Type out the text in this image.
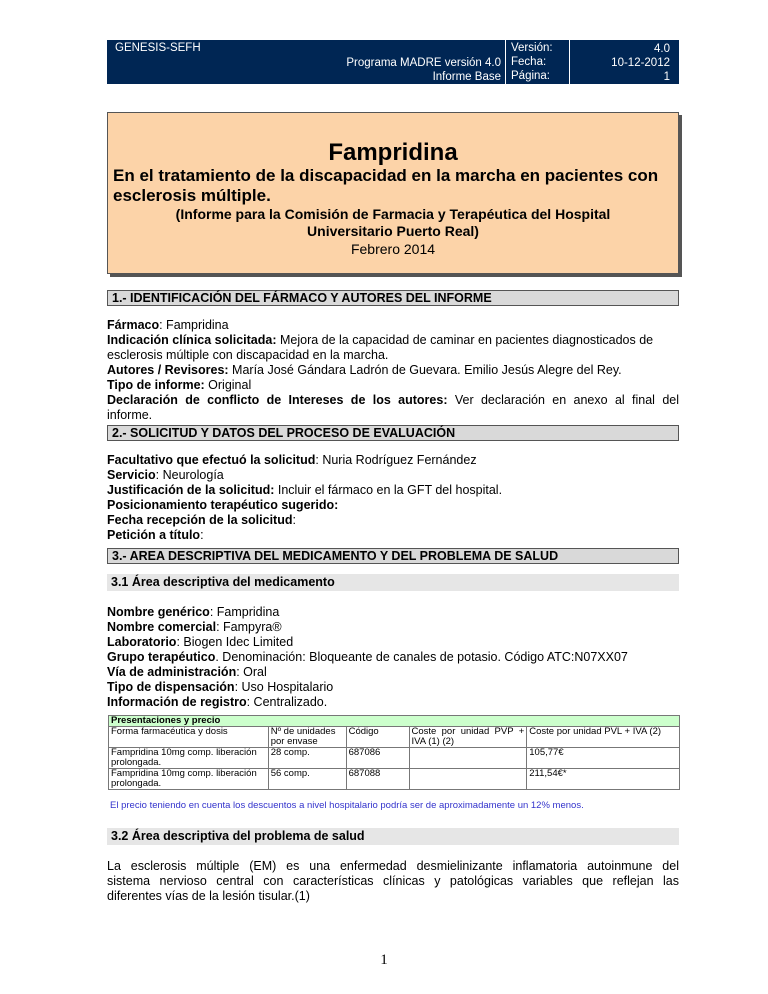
GENESIS-SEFH
Programa MADRE versión 4.0
Informe Base
Versión:
Fecha:
Página:
4.0
10-12-2012
1
Fampridina
En el tratamiento de la discapacidad en la marcha en pacientes con esclerosis múltiple.
(Informe para la Comisión de Farmacia y Terapéutica del Hospital
Universitario Puerto Real)
Febrero 2014
1.- IDENTIFICACIÓN DEL FÁRMACO Y AUTORES DEL INFORME
Fármaco: Fampridina
Indicación clínica solicitada: Mejora de la capacidad de caminar en pacientes diagnosticados de
esclerosis múltiple con discapacidad en la marcha.
Autores / Revisores: María José Gándara Ladrón de Guevara. Emilio Jesús Alegre del Rey.
Tipo de informe: Original
Declaración de conflicto de Intereses de los autores: Ver declaración en anexo al final del
informe.
2.- SOLICITUD Y DATOS DEL PROCESO DE EVALUACIÓN
Facultativo que efectuó la solicitud: Nuria Rodríguez Fernández
Servicio: Neurología
Justificación de la solicitud: Incluir el fármaco en la GFT del hospital.
Posicionamiento terapéutico sugerido:
Fecha recepción de la solicitud:
Petición a título:
3.- AREA DESCRIPTIVA DEL MEDICAMENTO Y DEL PROBLEMA DE SALUD
3.1 Área descriptiva del medicamento
Nombre genérico: Fampridina
Nombre comercial: Fampyra®
Laboratorio: Biogen Idec Limited
Grupo terapéutico. Denominación: Bloqueante de canales de potasio. Código ATC:N07XX07
Vía de administración: Oral
Tipo de dispensación: Uso Hospitalario
Información de registro: Centralizado.
Presentaciones y precio				
Forma farmacéutica y dosis	Nº de unidades por envase	Código	Coste por unidad PVP + IVA (1) (2)	Coste por unidad PVL + IVA (2)
Fampridina 10mg comp. liberación prolongada.	28 comp.	687086		105,77€
Fampridina 10mg comp. liberación prolongada.	56 comp.	687088		211,54€*
El precio teniendo en cuenta los descuentos a nivel hospitalario podría ser de aproximadamente un 12% menos.
3.2 Área descriptiva del problema de salud
La esclerosis múltiple (EM) es una enfermedad desmielinizante inflamatoria autoinmune del
sistema nervioso central con características clínicas y patológicas variables que reflejan las
diferentes vías de la lesión tisular.(1)
1
